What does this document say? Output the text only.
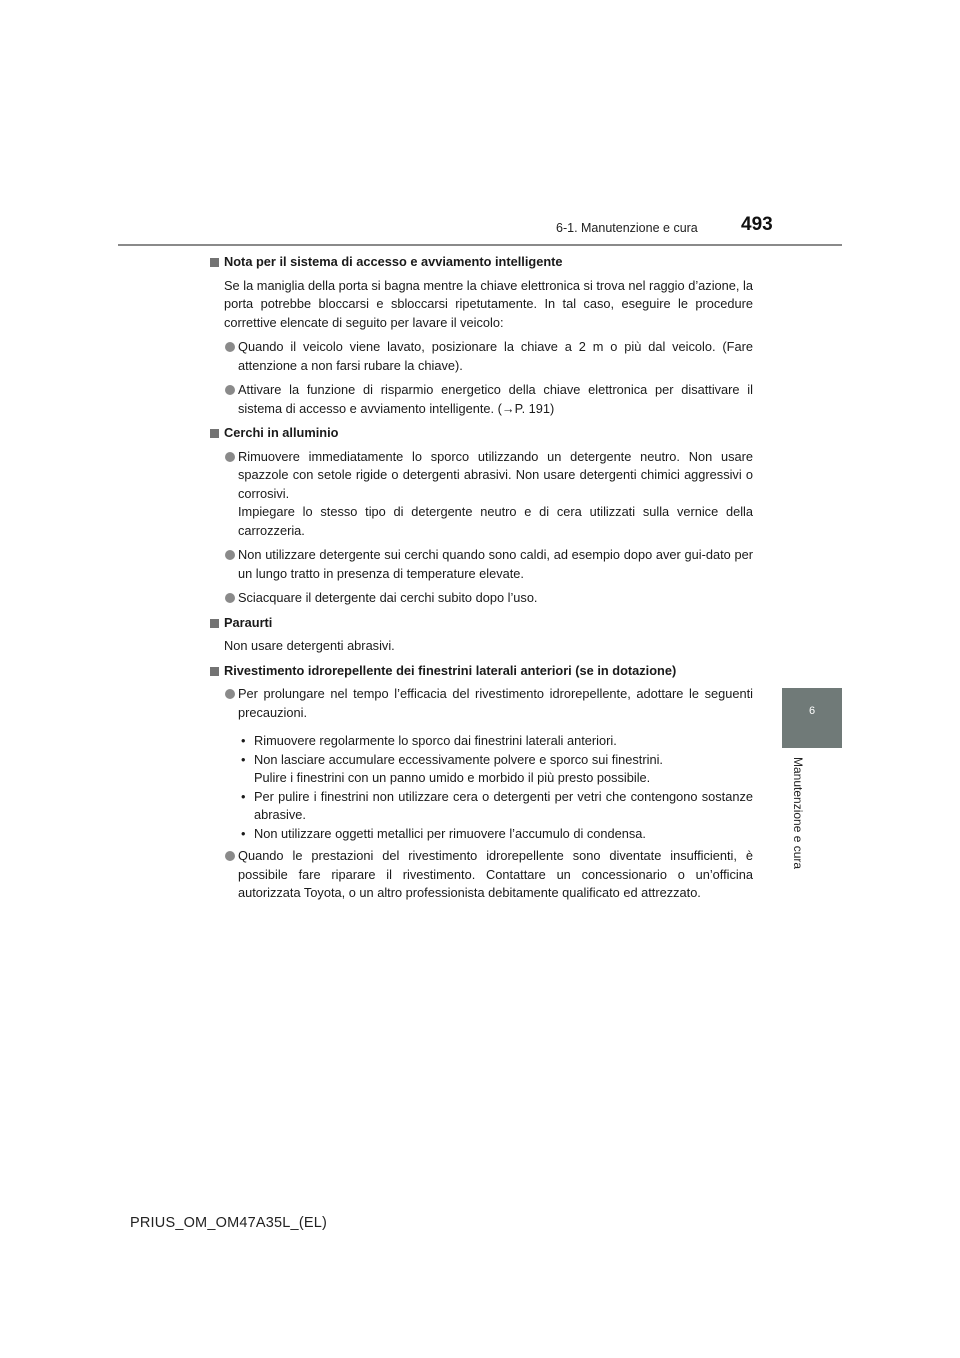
6-1. Manutenzione e cura 493
6
Manutenzione e cura
Nota per il sistema di accesso e avviamento intelligente
Se la maniglia della porta si bagna mentre la chiave elettronica si trova nel raggio d’azione, la porta potrebbe bloccarsi e sbloccarsi ripetutamente. In tal caso, eseguire le procedure correttive elencate di seguito per lavare il veicolo:
Quando il veicolo viene lavato, posizionare la chiave a 2 m o più dal veicolo. (Fare attenzione a non farsi rubare la chiave).
Attivare la funzione di risparmio energetico della chiave elettronica per disattivare il sistema di accesso e avviamento intelligente. (→P. 191)
Cerchi in alluminio
Rimuovere immediatamente lo sporco utilizzando un detergente neutro. Non usare spazzole con setole rigide o detergenti abrasivi. Non usare detergenti chimici aggressivi o corrosivi.
Impiegare lo stesso tipo di detergente neutro e di cera utilizzati sulla vernice della carrozzeria.
Non utilizzare detergente sui cerchi quando sono caldi, ad esempio dopo aver gui-dato per un lungo tratto in presenza di temperature elevate.
Sciacquare il detergente dai cerchi subito dopo l’uso.
Paraurti
Non usare detergenti abrasivi.
Rivestimento idrorepellente dei finestrini laterali anteriori (se in dotazione)
Per prolungare nel tempo l’efficacia del rivestimento idrorepellente, adottare le seguenti precauzioni.
• Rimuovere regolarmente lo sporco dai finestrini laterali anteriori.
• Non lasciare accumulare eccessivamente polvere e sporco sui finestrini.
Pulire i finestrini con un panno umido e morbido il più presto possibile.
• Per pulire i finestrini non utilizzare cera o detergenti per vetri che contengono sostanze abrasive.
• Non utilizzare oggetti metallici per rimuovere l’accumulo di condensa.
Quando le prestazioni del rivestimento idrorepellente sono diventate insufficienti, è possibile fare riparare il rivestimento. Contattare un concessionario o un’officina autorizzata Toyota, o un altro professionista debitamente qualificato ed attrezzato.
PRIUS_OM_OM47A35L_(EL)
